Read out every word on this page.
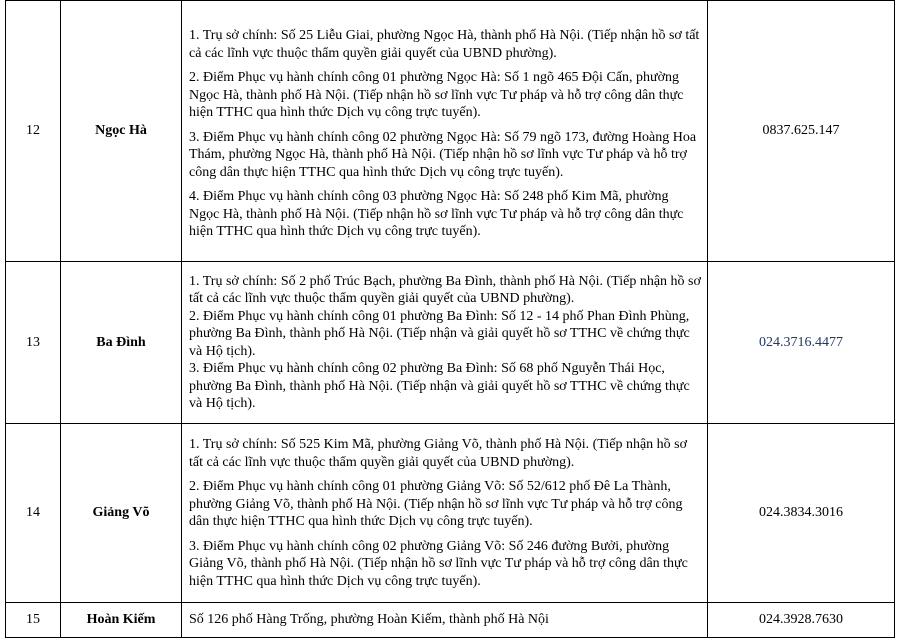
12	Ngọc Hà	1. Trụ sở chính: Số 25 Liễu Giai, phường Ngọc Hà, thành phố Hà Nội. (Tiếp nhận hồ sơ tất cả các lĩnh vực thuộc thẩm quyền giải quyết của UBND phường).
2. Điểm Phục vụ hành chính công 01 phường Ngọc Hà: Số 1 ngõ 465 Đội Cấn, phường Ngọc Hà, thành phố Hà Nội. (Tiếp nhận hồ sơ lĩnh vực Tư pháp và hỗ trợ công dân thực hiện TTHC qua hình thức Dịch vụ công trực tuyến).
3. Điểm Phục vụ hành chính công 02 phường Ngọc Hà: Số 79 ngõ 173, đường Hoàng Hoa Thám, phường Ngọc Hà, thành phố Hà Nội. (Tiếp nhận hồ sơ lĩnh vực Tư pháp và hỗ trợ công dân thực hiện TTHC qua hình thức Dịch vụ công trực tuyến).
4. Điểm Phục vụ hành chính công 03 phường Ngọc Hà: Số 248 phố Kim Mã, phường Ngọc Hà, thành phố Hà Nội. (Tiếp nhận hồ sơ lĩnh vực Tư pháp và hỗ trợ công dân thực hiện TTHC qua hình thức Dịch vụ công trực tuyến).	0837.625.147
13	Ba Đình	1. Trụ sở chính: Số 2 phố Trúc Bạch, phường Ba Đình, thành phố Hà Nội. (Tiếp nhận hồ sơ tất cả các lĩnh vực thuộc thẩm quyền giải quyết của UBND phường).
2. Điểm Phục vụ hành chính công 01 phường Ba Đình: Số 12 - 14 phố Phan Đình Phùng, phường Ba Đình, thành phố Hà Nội. (Tiếp nhận và giải quyết hồ sơ TTHC về chứng thực và Hộ tịch).
3. Điểm Phục vụ hành chính công 02 phường Ba Đình: Số 68 phố Nguyễn Thái Học, phường Ba Đình, thành phố Hà Nội. (Tiếp nhận và giải quyết hồ sơ TTHC về chứng thực và Hộ tịch).	024.3716.4477
14	Giảng Võ	1. Trụ sở chính: Số 525 Kim Mã, phường Giảng Võ, thành phố Hà Nội. (Tiếp nhận hồ sơ tất cả các lĩnh vực thuộc thẩm quyền giải quyết của UBND phường).
2. Điểm Phục vụ hành chính công 01 phường Giảng Võ: Số 52/612 phố Đê La Thành, phường Giảng Võ, thành phố Hà Nội. (Tiếp nhận hồ sơ lĩnh vực Tư pháp và hỗ trợ công dân thực hiện TTHC qua hình thức Dịch vụ công trực tuyến).
3. Điểm Phục vụ hành chính công 02 phường Giảng Võ: Số 246 đường Bưởi, phường Giảng Võ, thành phố Hà Nội. (Tiếp nhận hồ sơ lĩnh vực Tư pháp và hỗ trợ công dân thực hiện TTHC qua hình thức Dịch vụ công trực tuyến).	024.3834.3016
15	Hoàn Kiếm	Số 126 phố Hàng Trống, phường Hoàn Kiếm, thành phố Hà Nội	024.3928.7630
